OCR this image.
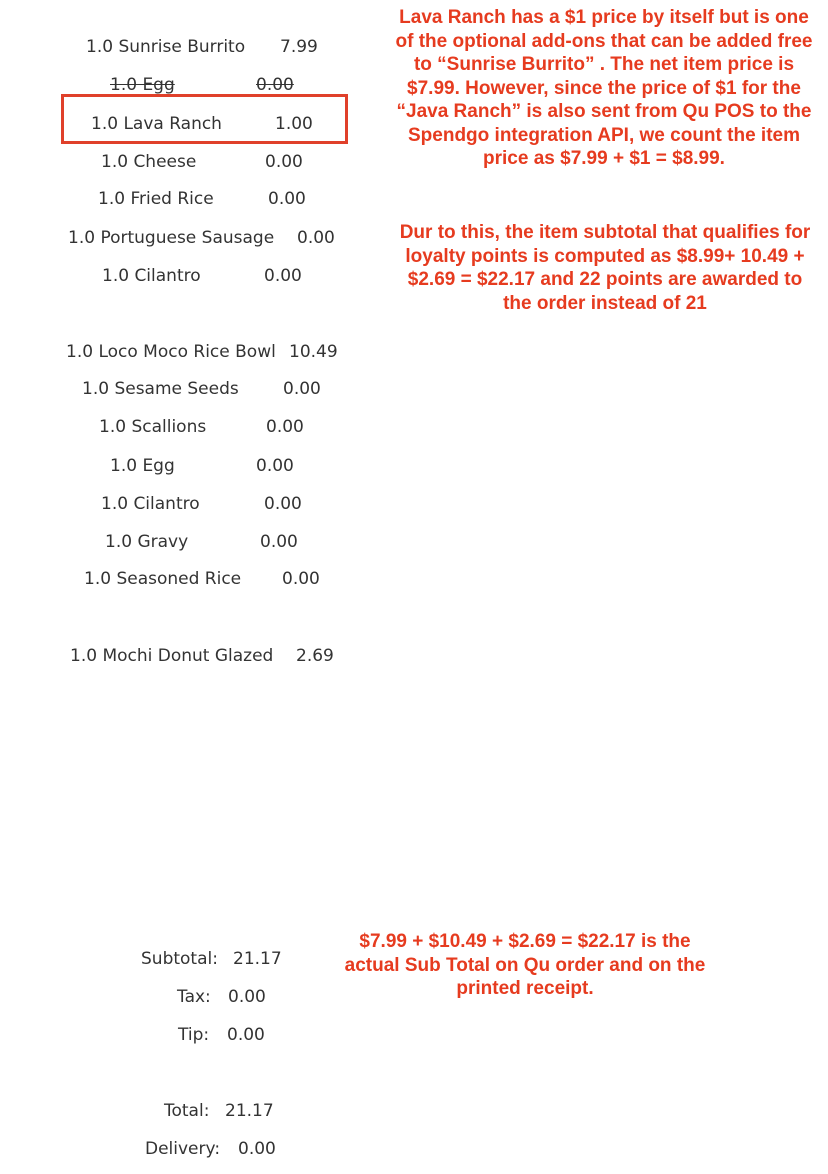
1.0 Sunrise Burrito 7.99
1.0 Egg	0.00
1.0 Lava Ranch	1.00
1.0 Cheese	0.00
1.0 Fried Rice	0.00
1.0 Portuguese Sausage 0.00
1.0 Cilantro	0.00
1.0 Loco Moco Rice Bowl 10.49
1.0 Sesame Seeds	0.00
1.0 Scallions	0.00
1.0 Egg	0.00
1.0 Cilantro	0.00
1.0 Gravy	0.00
1.0 Seasoned Rice 0.00
1.0 Mochi Donut Glazed 2.69
Subtotal: 21.17
Tax: 0.00
Tip: 0.00
Total: 21.17
Delivery: 0.00

Lava Ranch has a $1 price by itself but is one of the optional add-ons that can be added free to “Sunrise Burrito” . The net item price is $7.99. However, since the price of $1 for the “Java Ranch” is also sent from Qu POS to the Spendgo integration API, we count the item price as $7.99 + $1 = $8.99.

Dur to this, the item subtotal that qualifies for loyalty points is computed as $8.99+ 10.49 + $2.69 = $22.17 and 22 points are awarded to the order instead of 21

$7.99 + $10.49 + $2.69 = $22.17 is the actual Sub Total on Qu order and on the printed receipt.
